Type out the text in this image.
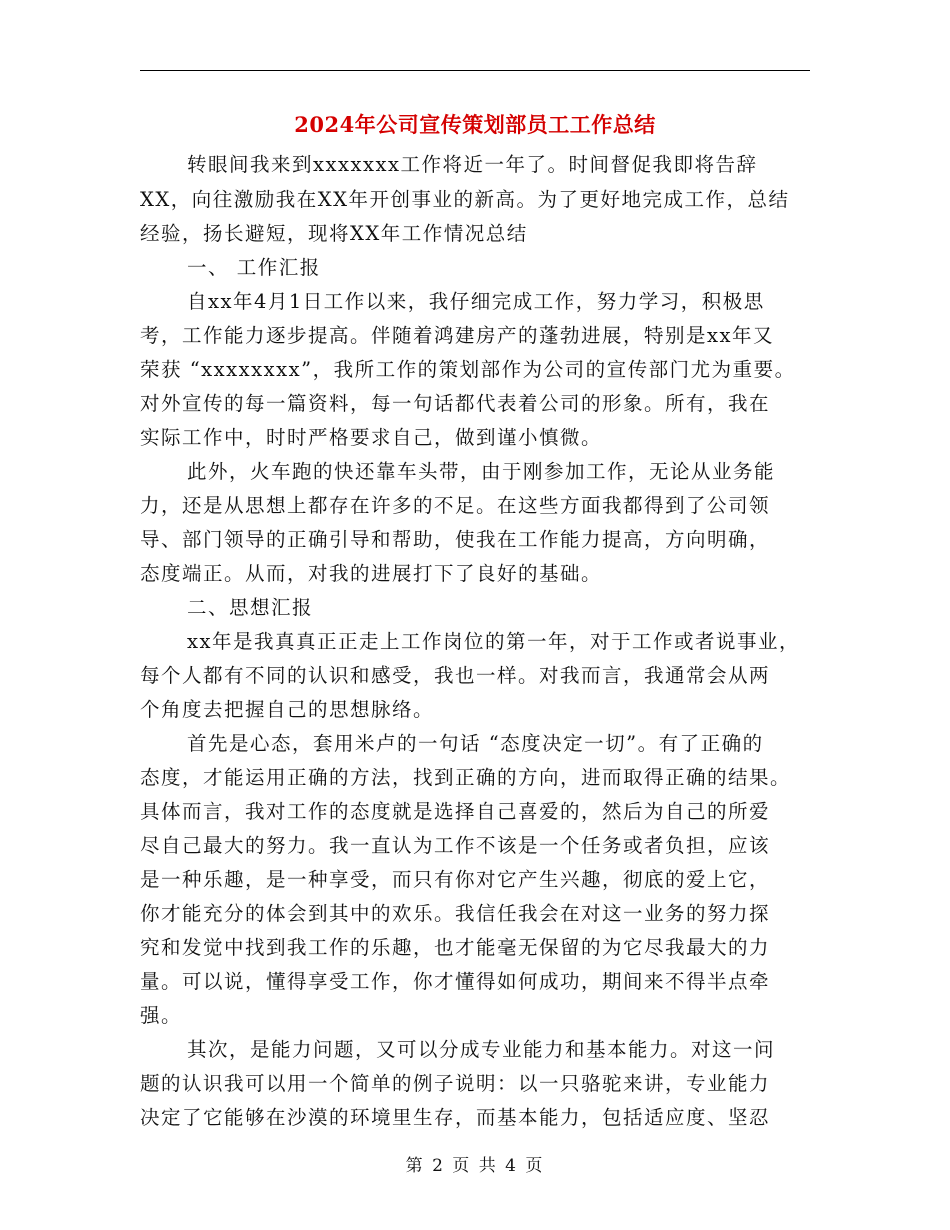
2024年公司宣传策划部员工工作总结
转眼间我来到xxxxxxx工作将近一年了。时间督促我即将告辞
XX，向往激励我在XX年开创事业的新高。为了更好地完成工作，总结
经验，扬长避短，现将XX年工作情况总结
一、 工作汇报
自xx年4月1日工作以来，我仔细完成工作，努力学习，积极思
考，工作能力逐步提高。伴随着鸿建房产的蓬勃进展，特别是xx年又
荣获 “xxxxxxxx”，我所工作的策划部作为公司的宣传部门尤为重要。
对外宣传的每一篇资料，每一句话都代表着公司的形象。所有，我在
实际工作中，时时严格要求自己，做到谨小慎微。
此外，火车跑的快还靠车头带，由于刚参加工作，无论从业务能
力，还是从思想上都存在许多的不足。在这些方面我都得到了公司领
导、部门领导的正确引导和帮助，使我在工作能力提高，方向明确，
态度端正。从而，对我的进展打下了良好的基础。
二、思想汇报
xx年是我真真正正走上工作岗位的第一年，对于工作或者说事业，
每个人都有不同的认识和感受，我也一样。对我而言，我通常会从两
个角度去把握自己的思想脉络。
首先是心态，套用米卢的一句话 “态度决定一切”。有了正确的
态度，才能运用正确的方法，找到正确的方向，进而取得正确的结果。
具体而言，我对工作的态度就是选择自己喜爱的，然后为自己的所爱
尽自己最大的努力。我一直认为工作不该是一个任务或者负担，应该
是一种乐趣，是一种享受，而只有你对它产生兴趣，彻底的爱上它，
你才能充分的体会到其中的欢乐。我信任我会在对这一业务的努力探
究和发觉中找到我工作的乐趣，也才能毫无保留的为它尽我最大的力
量。可以说，懂得享受工作，你才懂得如何成功，期间来不得半点牵
强。
其次，是能力问题，又可以分成专业能力和基本能力。对这一问
题的认识我可以用一个简单的例子说明：以一只骆驼来讲，专业能力
决定了它能够在沙漠的环境里生存，而基本能力，包括适应度、坚忍
第 2 页 共 4 页
